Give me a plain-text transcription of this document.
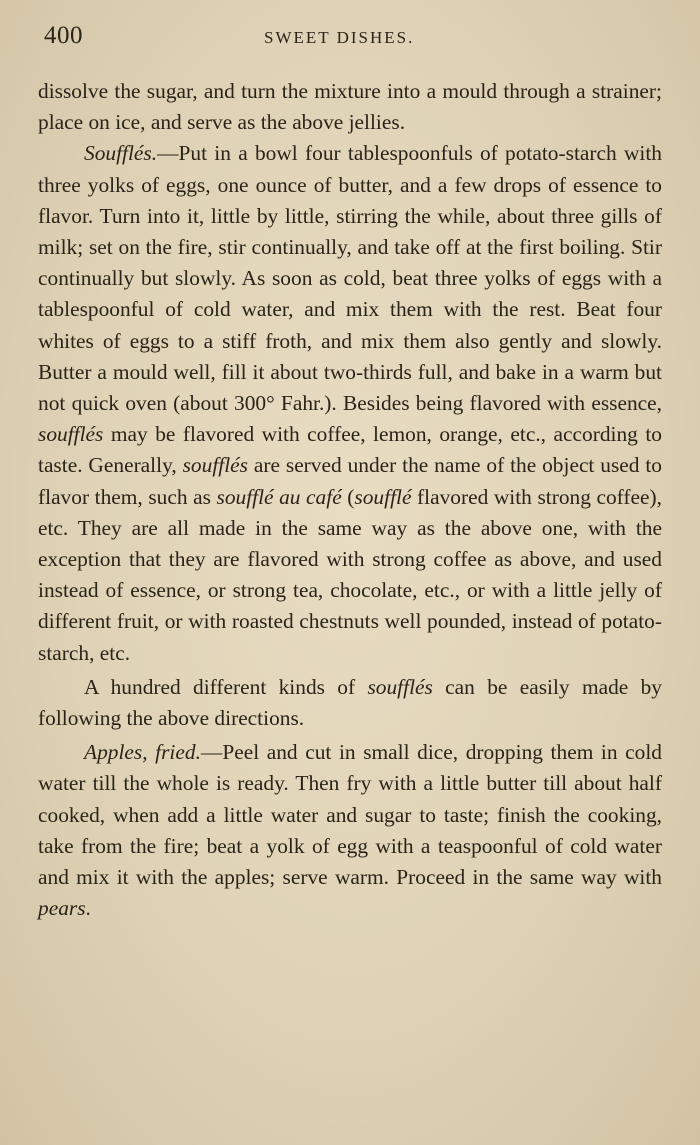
400	SWEET DISHES.

dissolve the sugar, and turn the mixture into a mould through a strainer; place on ice, and serve as the above jellies.

Soufflés.—Put in a bowl four tablespoonfuls of potato-starch with three yolks of eggs, one ounce of butter, and a few drops of essence to flavor. Turn into it, little by little, stirring the while, about three gills of milk; set on the fire, stir continually, and take off at the first boiling. Stir continually but slowly. As soon as cold, beat three yolks of eggs with a tablespoonful of cold water, and mix them with the rest. Beat four whites of eggs to a stiff froth, and mix them also gently and slowly. Butter a mould well, fill it about two-thirds full, and bake in a warm but not quick oven (about 300° Fahr.). Besides being flavored with essence, soufflés may be flavored with coffee, lemon, orange, etc., according to taste. Generally, soufflés are served under the name of the object used to flavor them, such as soufflé au café (soufflé flavored with strong coffee), etc. They are all made in the same way as the above one, with the exception that they are flavored with strong coffee as above, and used instead of essence, or strong tea, chocolate, etc., or with a little jelly of different fruit, or with roasted chestnuts well pounded, instead of potato-starch, etc.

A hundred different kinds of soufflés can be easily made by following the above directions.

Apples, fried.—Peel and cut in small dice, dropping them in cold water till the whole is ready. Then fry with a little butter till about half cooked, when add a little water and sugar to taste; finish the cooking, take from the fire; beat a yolk of egg with a teaspoonful of cold water and mix it with the apples; serve warm. Proceed in the same way with pears.
